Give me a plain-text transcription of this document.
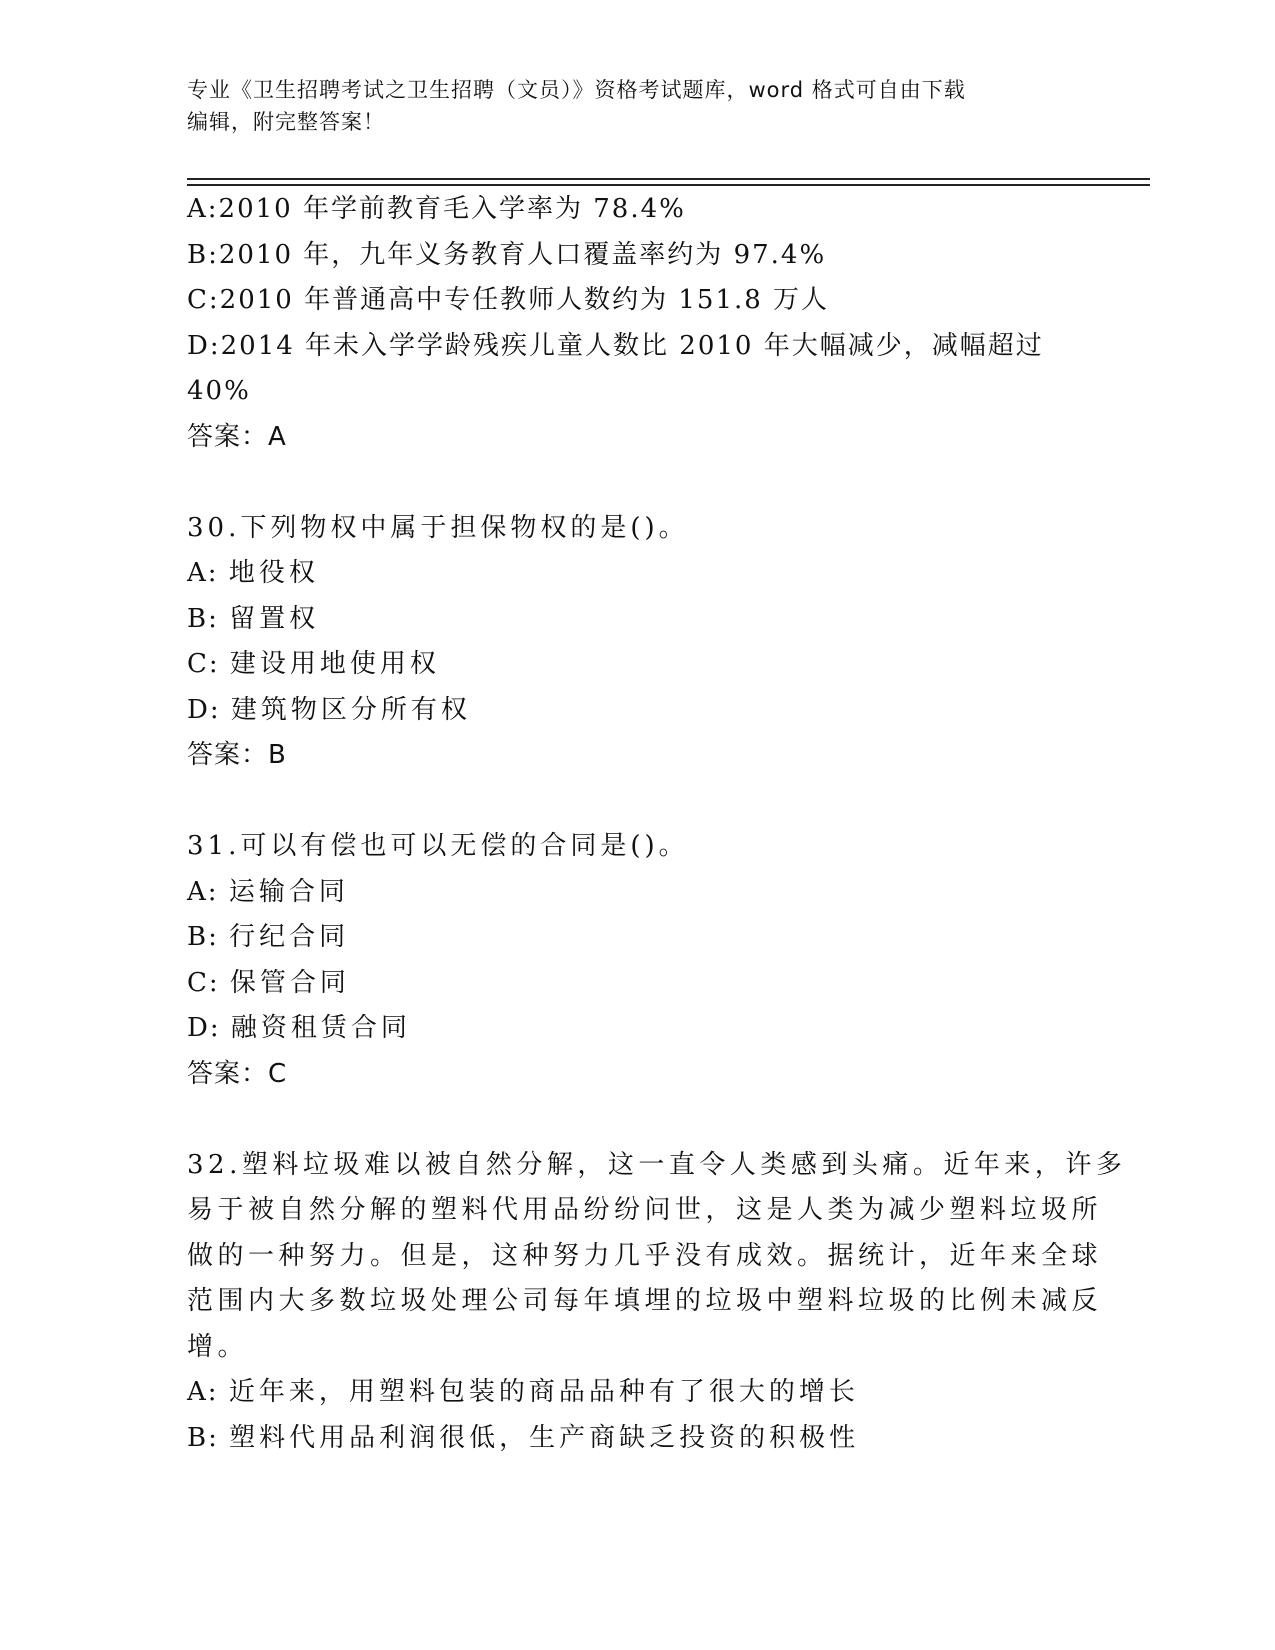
专业《卫生招聘考试之卫生招聘（文员）》资格考试题库，word 格式可自由下载
编辑，附完整答案！
A:2010 年学前教育毛入学率为 78.4%
B:2010 年，九年义务教育人口覆盖率约为 97.4%
C:2010 年普通高中专任教师人数约为 151.8 万人
D:2014 年未入学学龄残疾儿童人数比 2010 年大幅减少，减幅超过
40%
答案：A
30.下列物权中属于担保物权的是()。
A: 地役权
B: 留置权
C: 建设用地使用权
D: 建筑物区分所有权
答案：B
31.可以有偿也可以无偿的合同是()。
A: 运输合同
B: 行纪合同
C: 保管合同
D: 融资租赁合同
答案：C
32.塑料垃圾难以被自然分解，这一直令人类感到头痛。近年来，许多
易于被自然分解的塑料代用品纷纷问世，这是人类为减少塑料垃圾所
做的一种努力。但是，这种努力几乎没有成效。据统计，近年来全球
范围内大多数垃圾处理公司每年填埋的垃圾中塑料垃圾的比例未减反
增。
A: 近年来，用塑料包装的商品品种有了很大的增长
B: 塑料代用品利润很低，生产商缺乏投资的积极性
